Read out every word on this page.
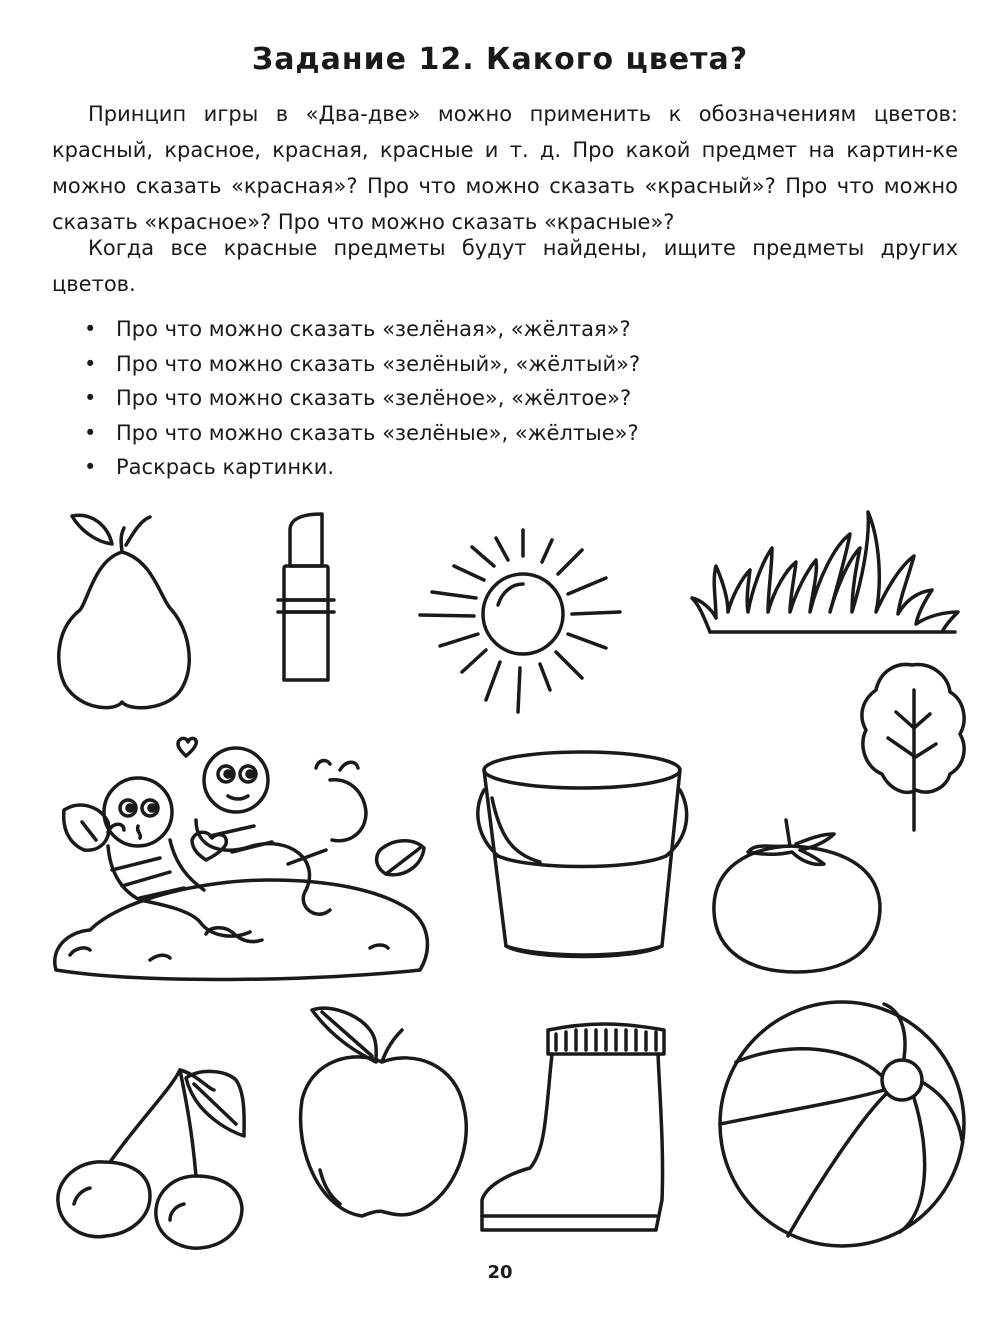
Задание 12. Какого цвета?
Принцип игры в «Два-две» можно применить к обозначениям цветов: красный, красное, красная, красные и т. д. Про какой предмет на картин-ке можно сказать «красная»? Про что можно сказать «красный»? Про что можно сказать «красное»? Про что можно сказать «красные»?
Когда все красные предметы будут найдены, ищите предметы других цветов.
• Про что можно сказать «зелёная», «жёлтая»?
• Про что можно сказать «зелёный», «жёлтый»?
• Про что можно сказать «зелёное», «жёлтое»?
• Про что можно сказать «зелёные», «жёлтые»?
• Раскрась картинки.
20
